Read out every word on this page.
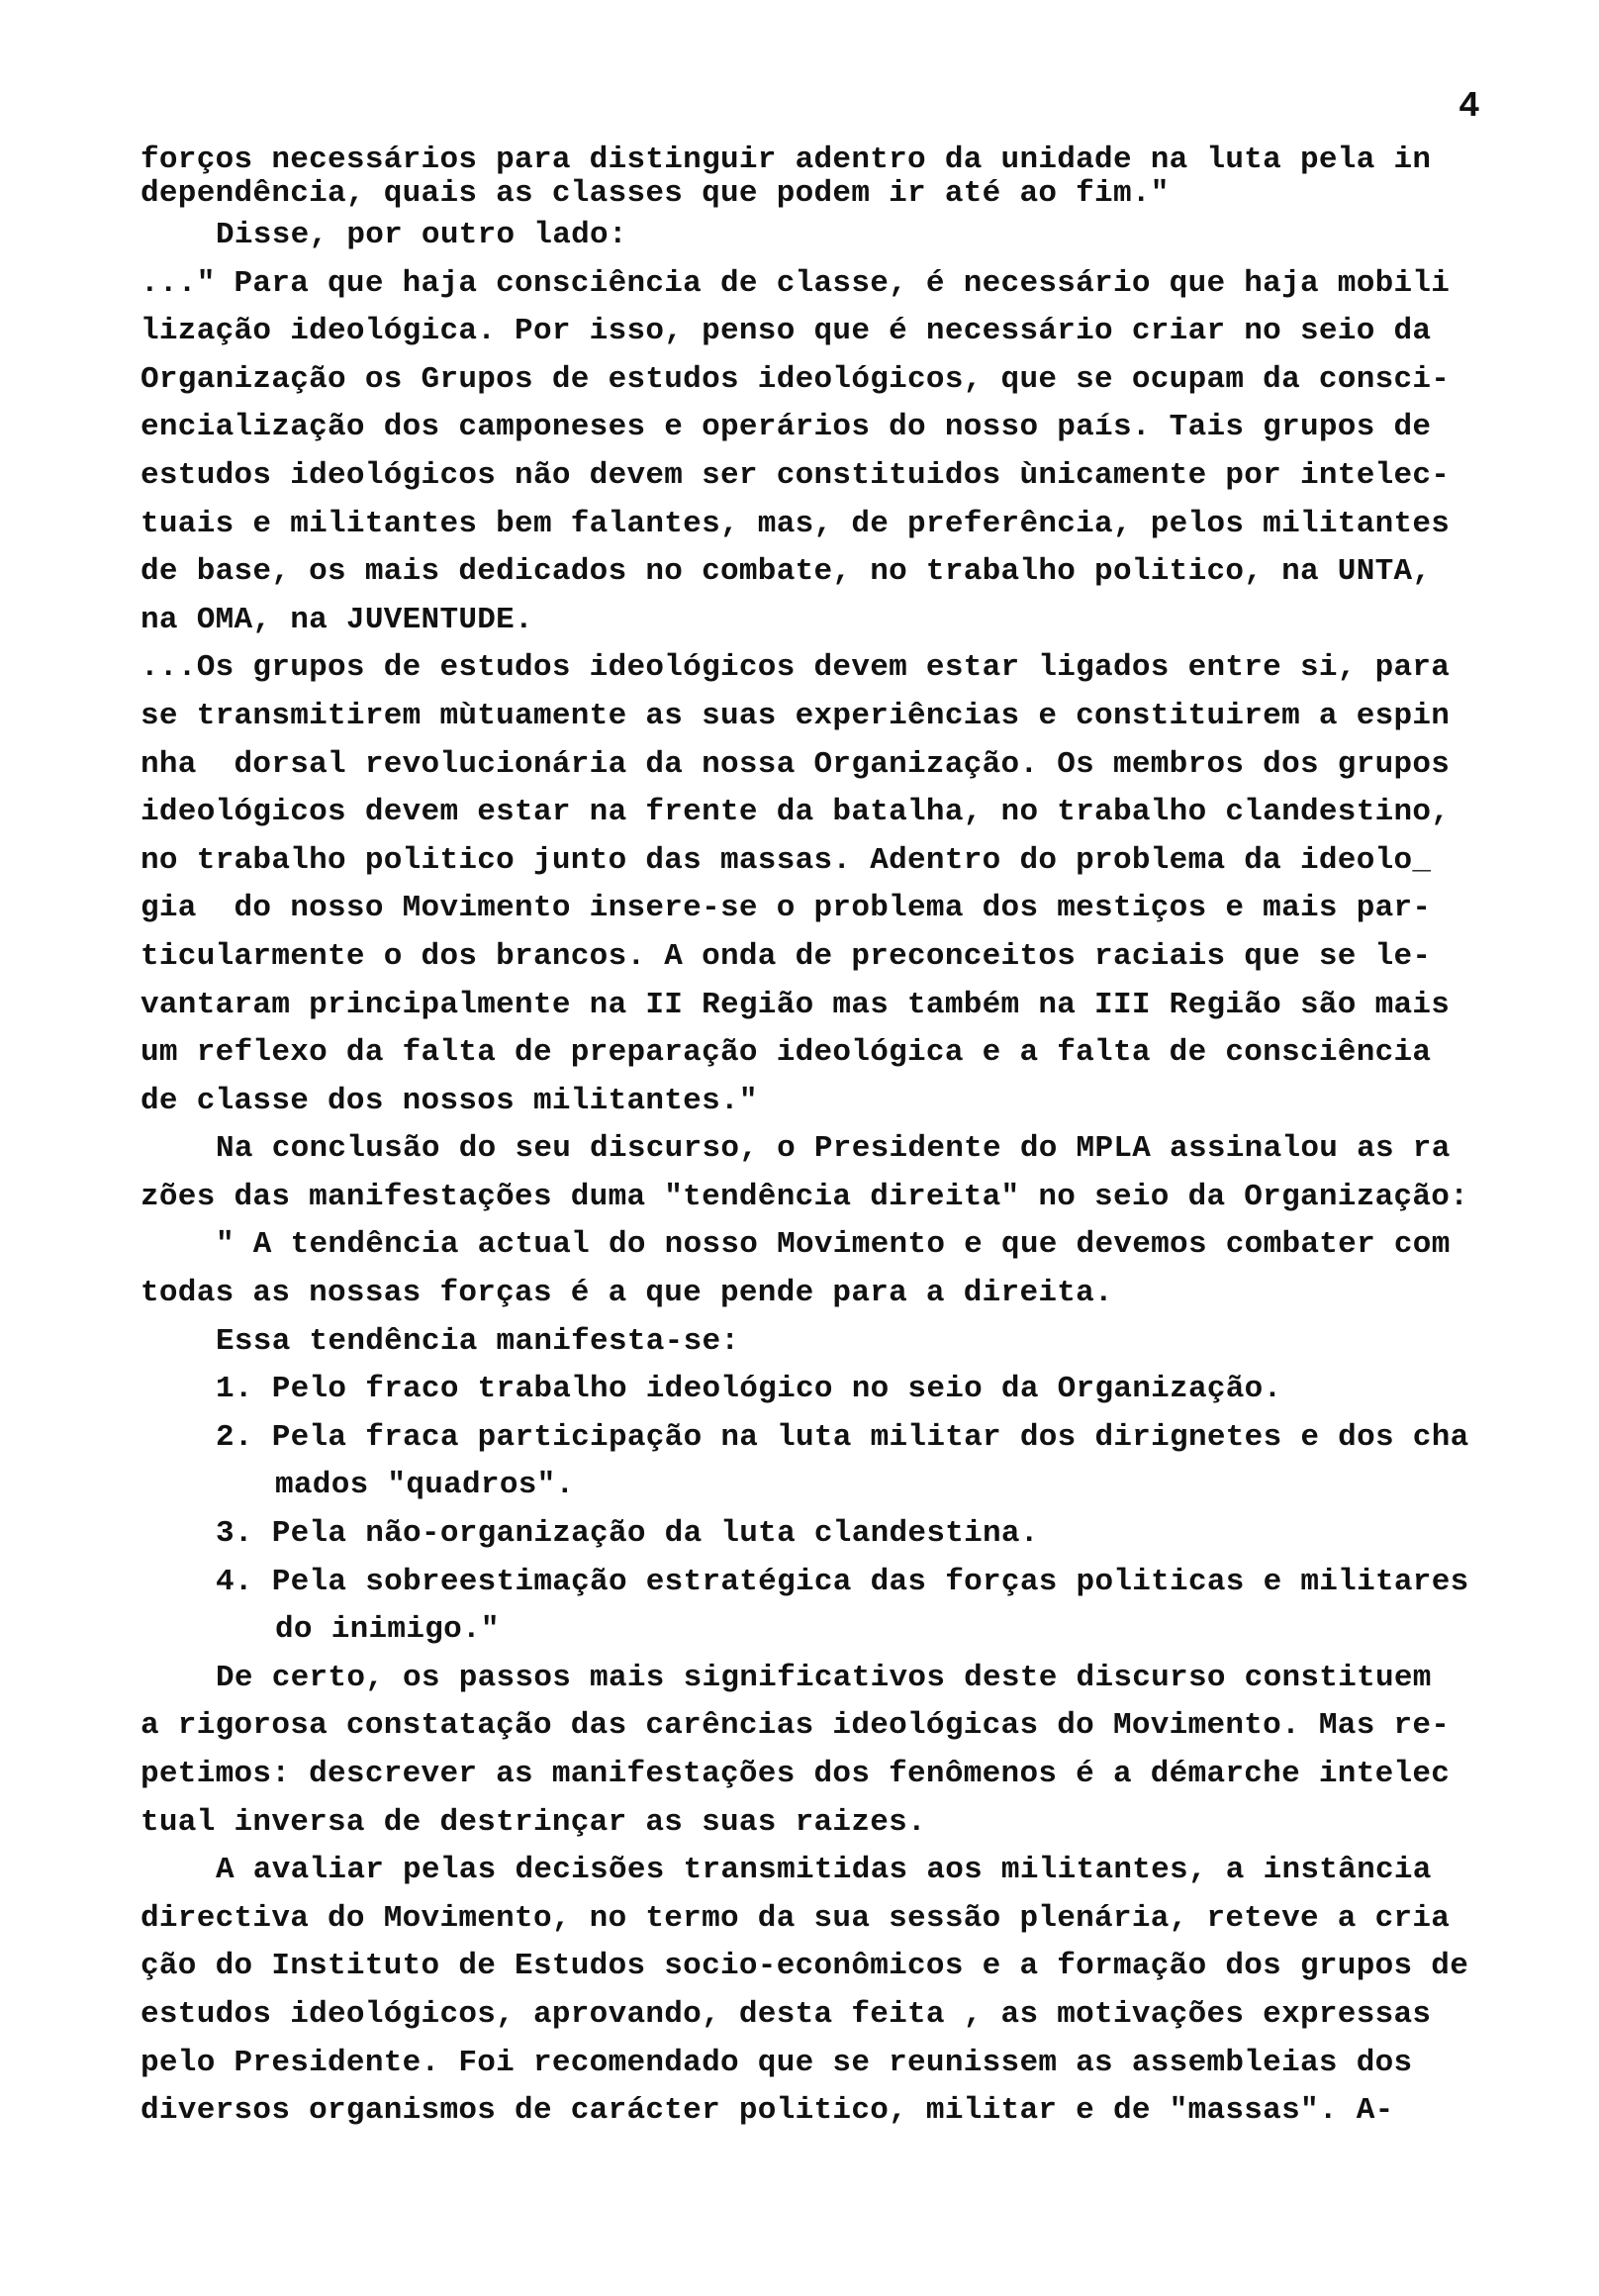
4
forços necessários para distinguir adentro da unidade na luta pela in
dependência, quais as classes que podem ir até ao fim."
Disse, por outro lado:
..." Para que haja consciência de classe, é necessário que haja mobili
lização ideológica. Por isso, penso que é necessário criar no seio da
Organização os Grupos de estudos ideológicos, que se ocupam da consci-
encialização dos camponeses e operários do nosso país. Tais grupos de
estudos ideológicos não devem ser constituidos ùnicamente por intelec-
tuais e militantes bem falantes, mas, de preferência, pelos militantes
de base, os mais dedicados no combate, no trabalho politico, na UNTA,
na OMA, na JUVENTUDE.
...Os grupos de estudos ideológicos devem estar ligados entre si, para
se transmitirem mùtuamente as suas experiências e constituirem a espin
nha  dorsal revolucionária da nossa Organização. Os membros dos grupos
ideológicos devem estar na frente da batalha, no trabalho clandestino,
no trabalho politico junto das massas. Adentro do problema da ideolo_
gia  do nosso Movimento insere-se o problema dos mestiços e mais par-
ticularmente o dos brancos. A onda de preconceitos raciais que se le-
vantaram principalmente na II Região mas também na III Região são mais
um reflexo da falta de preparação ideológica e a falta de consciência
de classe dos nossos militantes."
Na conclusão do seu discurso, o Presidente do MPLA assinalou as ra
zões das manifestações duma "tendência direita" no seio da Organização:
" A tendência actual do nosso Movimento e que devemos combater com
todas as nossas forças é a que pende para a direita.
Essa tendência manifesta-se:
1. Pelo fraco trabalho ideológico no seio da Organização.
2. Pela fraca participação na luta militar dos dirignetes e dos cha
mados "quadros".
3. Pela não-organização da luta clandestina.
4. Pela sobreestimação estratégica das forças politicas e militares
do inimigo."
De certo, os passos mais significativos deste discurso constituem
a rigorosa constatação das carências ideológicas do Movimento. Mas re-
petimos: descrever as manifestações dos fenômenos é a démarche intelec
tual inversa de destrinçar as suas raizes.
A avaliar pelas decisões transmitidas aos militantes, a instância
directiva do Movimento, no termo da sua sessão plenária, reteve a cria
ção do Instituto de Estudos socio-econômicos e a formação dos grupos de
estudos ideológicos, aprovando, desta feita , as motivações expressas
pelo Presidente. Foi recomendado que se reunissem as assembleias dos
diversos organismos de carácter politico, militar e de "massas". A-
